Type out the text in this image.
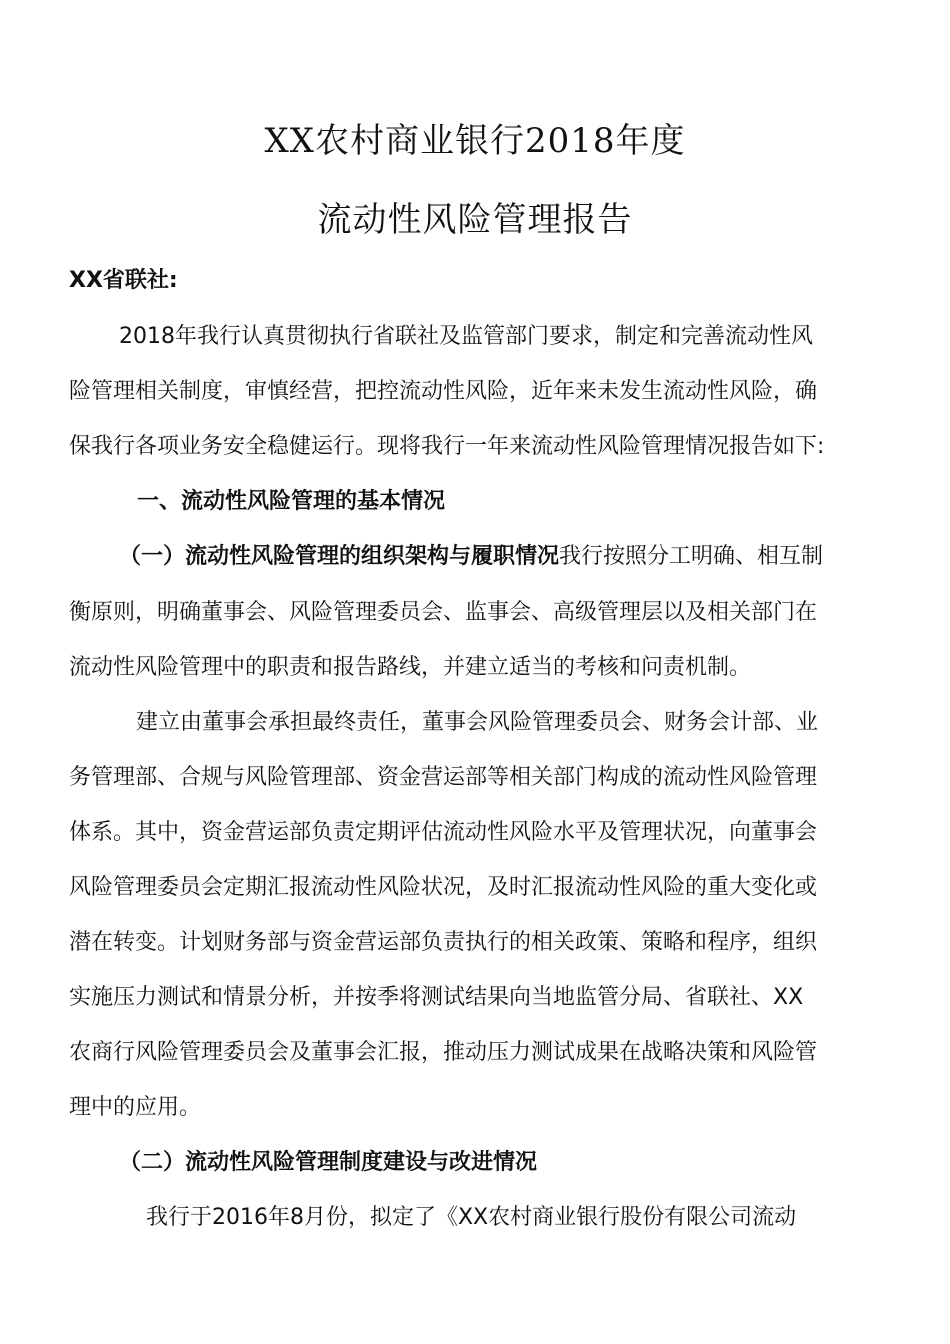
XX农村商业银行2018年度
流动性风险管理报告
XX省联社:
2018年我行认真贯彻执行省联社及监管部门要求，制定和完善流动性风
险管理相关制度，审慎经营，把控流动性风险，近年来未发生流动性风险，确
保我行各项业务安全稳健运行。现将我行一年来流动性风险管理情况报告如下:
一、流动性风险管理的基本情况
（一）流动性风险管理的组织架构与履职情况我行按照分工明确、相互制
衡原则，明确董事会、风险管理委员会、监事会、高级管理层以及相关部门在
流动性风险管理中的职责和报告路线，并建立适当的考核和问责机制。
建立由董事会承担最终责任，董事会风险管理委员会、财务会计部、业
务管理部、合规与风险管理部、资金营运部等相关部门构成的流动性风险管理
体系。其中，资金营运部负责定期评估流动性风险水平及管理状况，向董事会
风险管理委员会定期汇报流动性风险状况，及时汇报流动性风险的重大变化或
潜在转变。计划财务部与资金营运部负责执行的相关政策、策略和程序，组织
实施压力测试和情景分析，并按季将测试结果向当地监管分局、省联社、XX
农商行风险管理委员会及董事会汇报，推动压力测试成果在战略决策和风险管
理中的应用。
（二）流动性风险管理制度建设与改进情况
我行于2016年8月份，拟定了《XX农村商业银行股份有限公司流动
